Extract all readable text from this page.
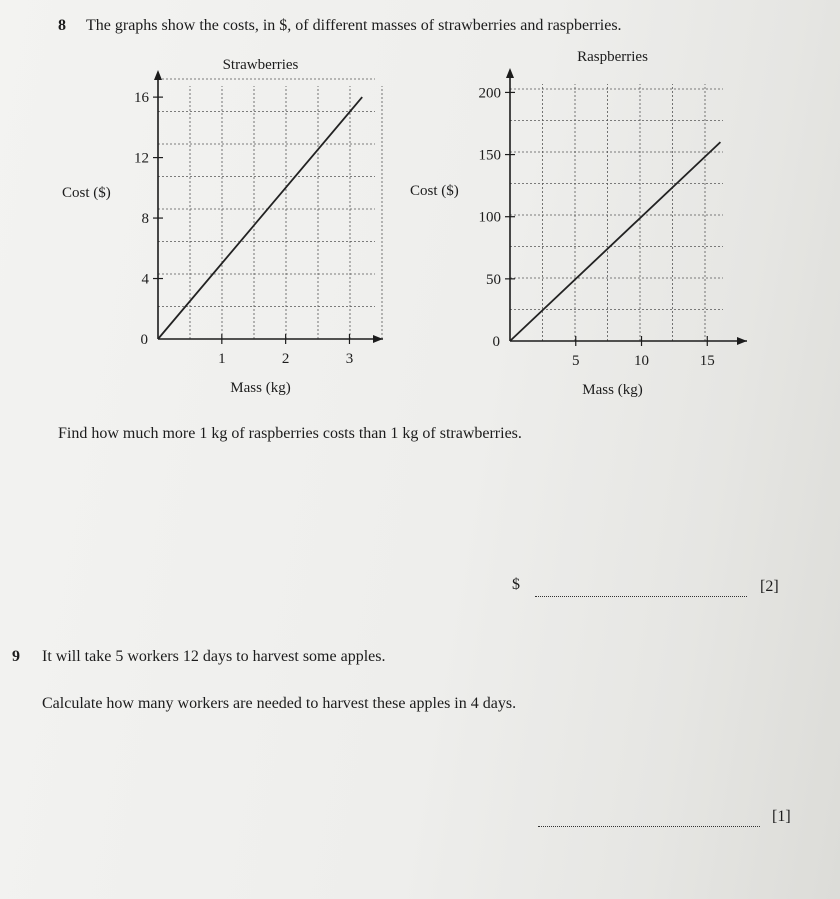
8 The graphs show the costs, in $, of different masses of strawberries and raspberries.
Strawberries
0
4
8
12
16
1	2	3
Mass (kg)
Cost ($)
Raspberries
0
50
100
150
200
5	10	15
Mass (kg)
Cost ($)
Find how much more 1 kg of raspberries costs than 1 kg of strawberries.
$	[2]
9 It will take 5 workers 12 days to harvest some apples.
Calculate how many workers are needed to harvest these apples in 4 days.
[1]
